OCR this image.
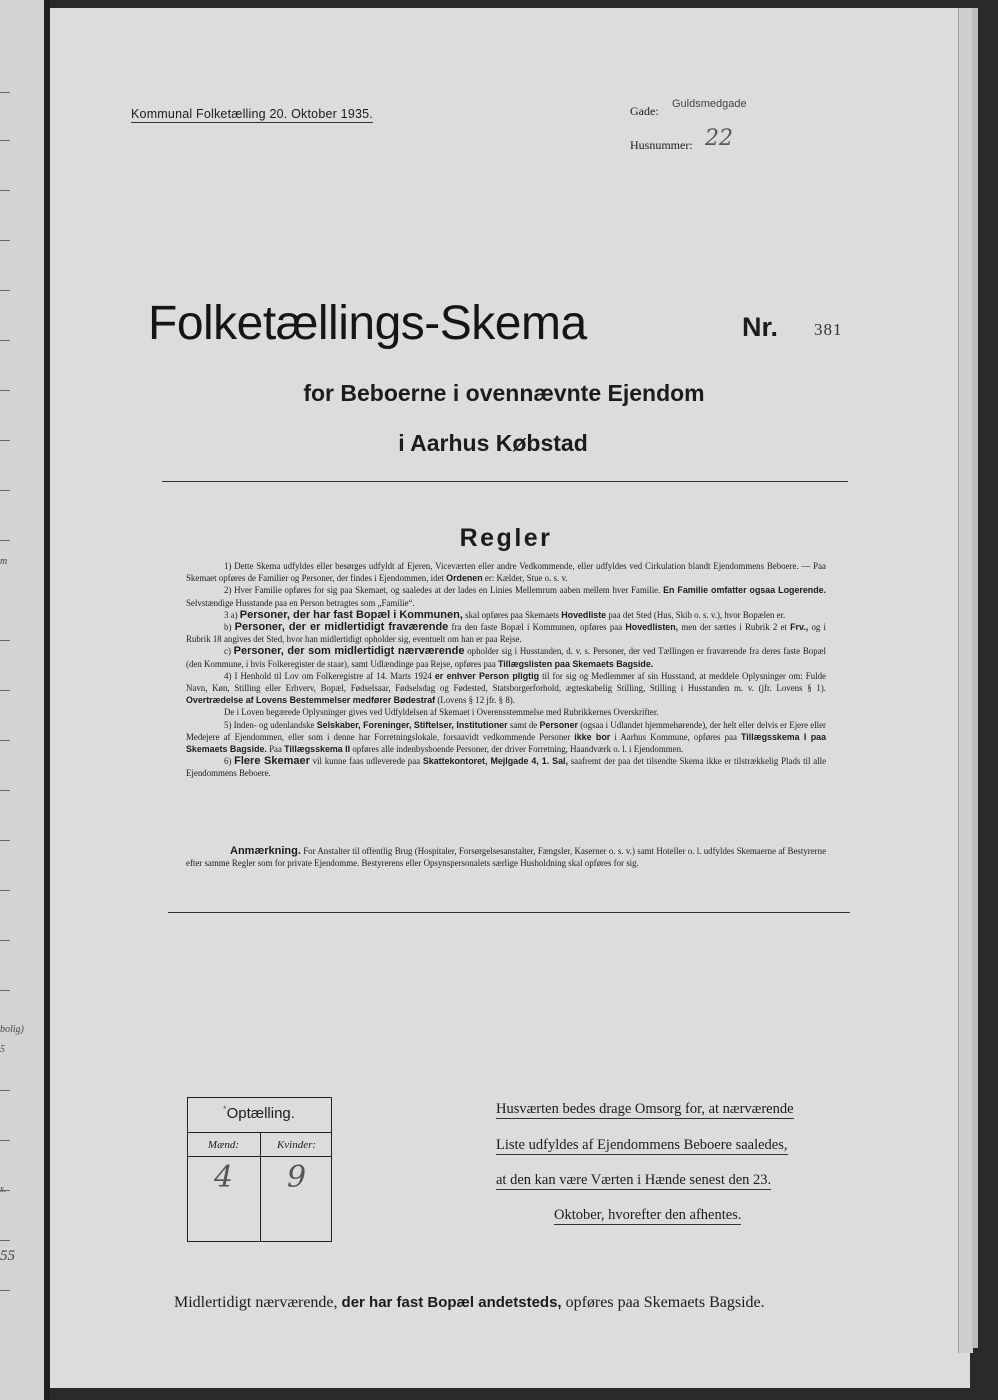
m
bolig)
5
s.
55
Kommunal Folketælling 20. Oktober 1935.	Gade: Guldsmedgade
Husnummer: 22
Folketællings-Skema	Nr. 381
for Beboerne i ovennævnte Ejendom
i Aarhus Købstad
Regler

1) Dette Skema udfyldes eller besørges udfyldt af Ejeren, Viceværten eller andre Vedkommende, eller udfyldes ved Cirkulation blandt Ejendommens Beboere. — Paa Skemaet opføres de Familier og Personer, der findes i Ejendommen, idet Ordenen er: Kælder, Stue o. s. v.

2) Hver Familie opføres for sig paa Skemaet, og saaledes at der lades en Linies Mellemrum aaben mellem hver Familie. En Familie omfatter ogsaa Logerende. Selvstændige Husstande paa en Person betragtes som „Familie“.

3 a) Personer, der har fast Bopæl i Kommunen, skal opføres paa Skemaets Hovedliste paa det Sted (Hus, Skib o. s. v.), hvor Bopælen er.

b) Personer, der er midlertidigt fraværende fra den faste Bopæl i Kommunen, opføres paa Hovedlisten, men der sættes i Rubrik 2 et Frv., og i Rubrik 18 angives det Sted, hvor han midlertidigt opholder sig, eventuelt om han er paa Rejse.

c) Personer, der som midlertidigt nærværende opholder sig i Husstanden, d. v. s. Personer, der ved Tællingen er fraværende fra deres faste Bopæl (den Kommune, i hvis Folkeregister de staar), samt Udlændinge paa Rejse, opføres paa Tillægslisten paa Skemaets Bagside.

4) I Henhold til Lov om Folkeregistre af 14. Marts 1924 er enhver Person pligtig til for sig og Medlemmer af sin Husstand, at meddele Oplysninger om: Fulde Navn, Køn, Stilling eller Erhverv, Bopæl, Fødselsaar, Fødselsdag og Fødested, Statsborgerforhold, ægteskabelig Stilling, Stilling i Husstanden m. v. (jfr. Lovens § 1). Overtrædelse af Lovens Bestemmelser medfører Bødestraf (Lovens § 12 jfr. § 8).

De i Loven begærede Oplysninger gives ved Udfyldelsen af Skemaet i Overensstemmelse med Rubrikkernes Overskrifter.

5) Inden- og udenlandske Selskaber, Foreninger, Stiftelser, Institutioner samt de Personer (ogsaa i Udlandet hjemmehørende), der helt eller delvis er Ejere eller Medejere af Ejendommen, eller som i denne har Forretningslokale, forsaavidt vedkommende Personer ikke bor i Aarhus Kommune, opføres paa Tillægsskema I paa Skemaets Bagside. Paa Tillægsskema II opføres alle indenbysboende Personer, der driver Forretning, Haandværk o. l. i Ejendommen.

6) Flere Skemaer vil kunne faas udleverede paa Skattekontoret, Mejlgade 4, 1. Sal, saafremt der paa det tilsendte Skema ikke er tilstrækkelig Plads til alle Ejendommens Beboere.

Anmærkning. For Anstalter til offentlig Brug (Hospitaler, Forsørgelsesanstalter, Fængsler, Kaserner o. s. v.) samt Hoteller o. l. udfyldes Skemaerne af Bestyrerne efter samme Regler som for private Ejendomme. Bestyrerens eller Opsynspersonalets særlige Husholdning skal opføres for sig.

*Optælling.
Mænd:	Kvinder:
4	9
Husværten bedes drage Omsorg for, at nærværende
Liste udfyldes af Ejendommens Beboere saaledes,
at den kan være Værten i Hænde senest den 23.
Oktober, hvorefter den afhentes.
Midlertidigt nærværende, der har fast Bopæl andetsteds, opføres paa Skemaets Bagside.
